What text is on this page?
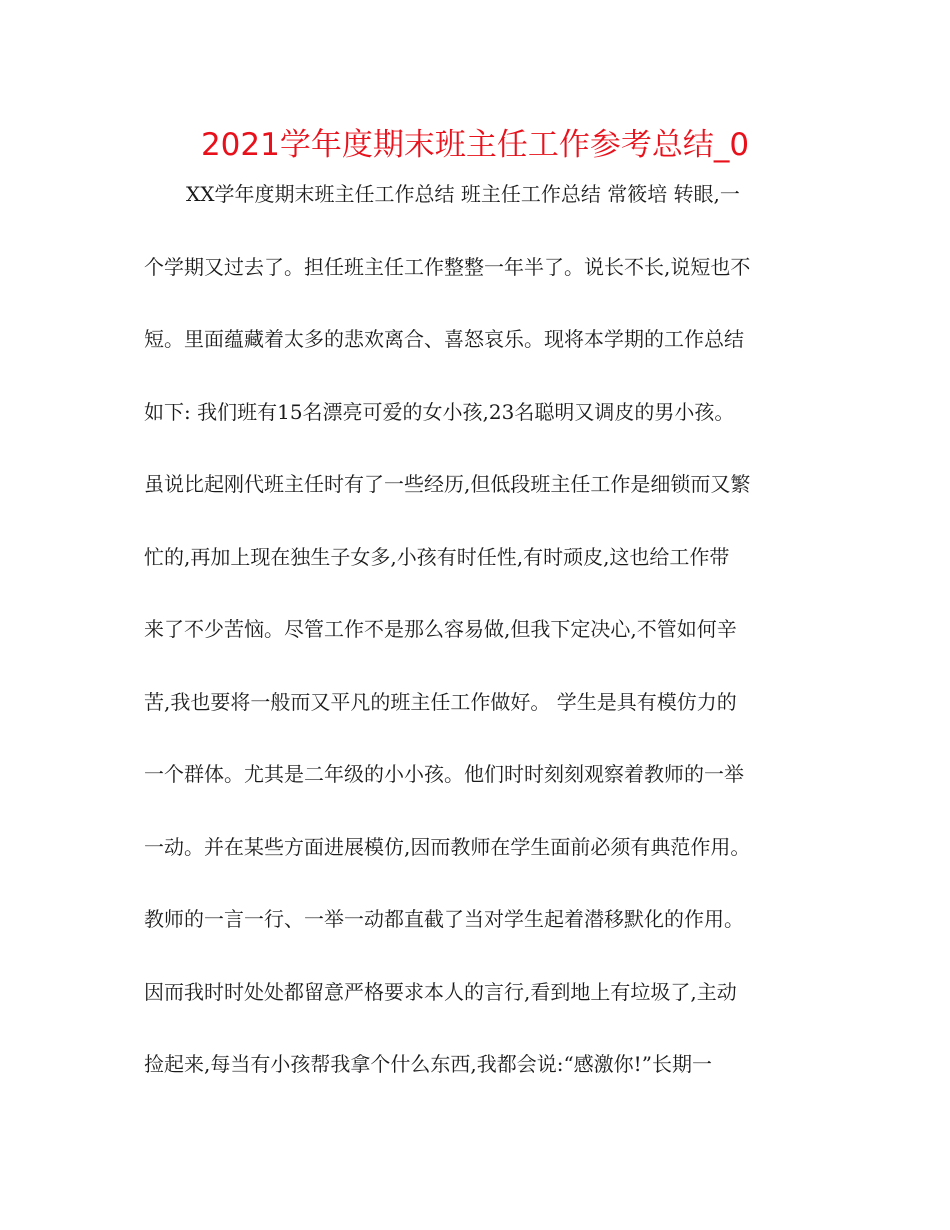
2021学年度期末班主任工作参考总结_0
XX学年度期末班主任工作总结 班主任工作总结 常筱培 转眼,一
个学期又过去了。担任班主任工作整整一年半了。说长不长,说短也不
短。里面蕴藏着太多的悲欢离合、喜怒哀乐。现将本学期的工作总结
如下: 我们班有15名漂亮可爱的女小孩,23名聪明又调皮的男小孩。
虽说比起刚代班主任时有了一些经历,但低段班主任工作是细锁而又繁
忙的,再加上现在独生子女多,小孩有时任性,有时顽皮,这也给工作带
来了不少苦恼。尽管工作不是那么容易做,但我下定决心,不管如何辛
苦,我也要将一般而又平凡的班主任工作做好。 学生是具有模仿力的
一个群体。尤其是二年级的小小孩。他们时时刻刻观察着教师的一举
一动。并在某些方面进展模仿,因而教师在学生面前必须有典范作用。
教师的一言一行、一举一动都直截了当对学生起着潜移默化的作用。
因而我时时处处都留意严格要求本人的言行,看到地上有垃圾了,主动
捡起来,每当有小孩帮我拿个什么东西,我都会说:“感激你!”长期一
